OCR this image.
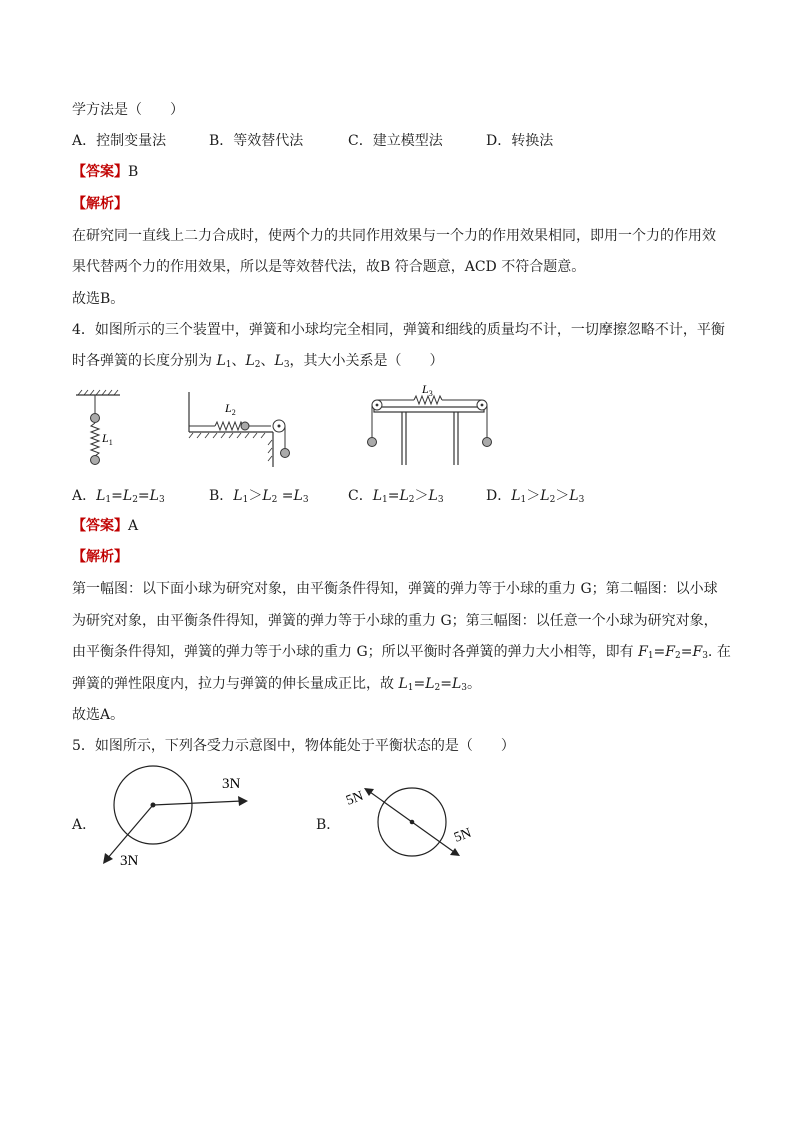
学方法是（　　）
A．控制变量法	B．等效替代法	C．建立模型法	D．转换法
【答案】B
【解析】
在研究同一直线上二力合成时，使两个力的共同作用效果与一个力的作用效果相同，即用一个力的作用效
果代替两个力的作用效果，所以是等效替代法，故B 符合题意，ACD 不符合题意。
故选B。
4．如图所示的三个装置中，弹簧和小球均完全相同，弹簧和细线的质量均不计，一切摩擦忽略不计，平衡
时各弹簧的长度分别为 $L_1$、$L_2$、$L_3$，其大小关系是（　　）
$L_1$
$L_2$
$L_3$
A．$L_1=L_2=L_3$	B．$L_1>L_2 =L_3$	C．$L_1=L_2>L_3$	D．$L_1>L_2>L_3$
【答案】A
【解析】
第一幅图：以下面小球为研究对象，由平衡条件得知，弹簧的弹力等于小球的重力 G；第二幅图：以小球
为研究对象，由平衡条件得知，弹簧的弹力等于小球的重力 G；第三幅图：以任意一个小球为研究对象，
由平衡条件得知，弹簧的弹力等于小球的重力 G；所以平衡时各弹簧的弹力大小相等，即有 $F_1=F_2=F_3$. 在
弹簧的弹性限度内，拉力与弹簧的伸长量成正比，故 $L_1=L_2=L_3$。
故选A。
5．如图所示，下列各受力示意图中，物体能处于平衡状态的是（　　）
A．
3N
3N
B．
5N
5N
